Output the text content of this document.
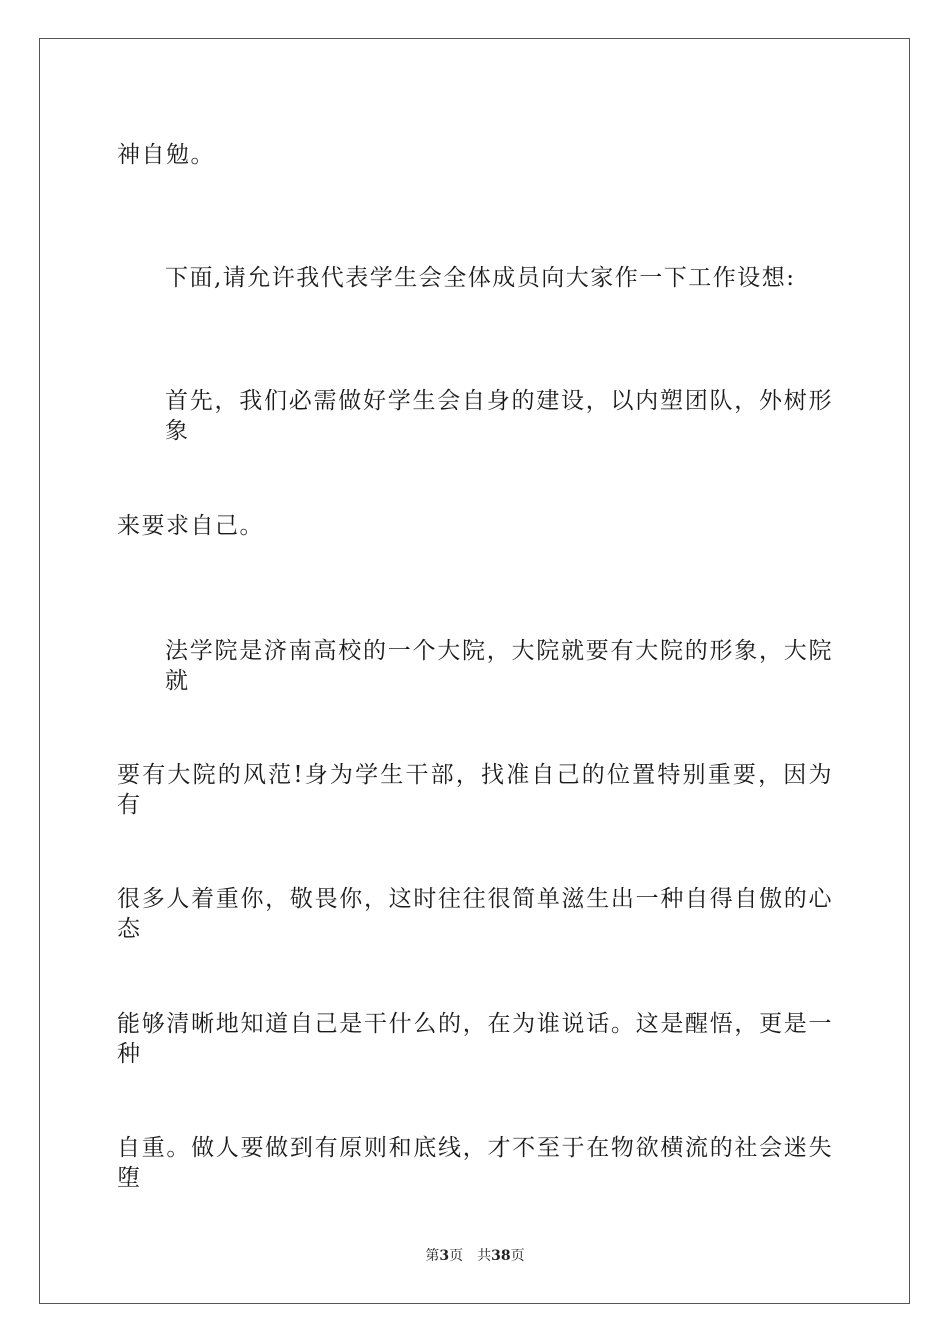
神自勉。
下面,请允许我代表学生会全体成员向大家作一下工作设想:
首先，我们必需做好学生会自身的建设，以内塑团队，外树形象
来要求自己。
法学院是济南高校的一个大院，大院就要有大院的形象，大院就
要有大院的风范!身为学生干部，找准自己的位置特别重要，因为有
很多人着重你，敬畏你，这时往往很简单滋生出一种自得自傲的心态
能够清晰地知道自己是干什么的，在为谁说话。这是醒悟，更是一种
自重。做人要做到有原则和底线，才不至于在物欲横流的社会迷失堕
第3页 共38页
